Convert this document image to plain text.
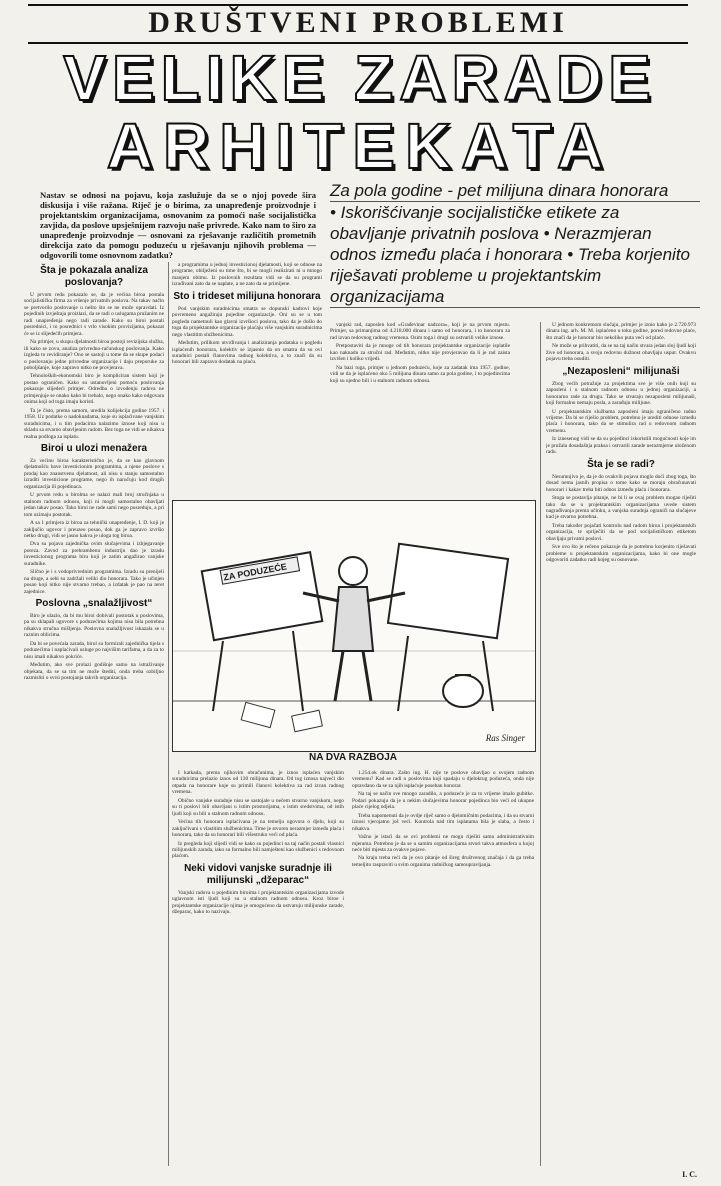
DRUŠTVENI PROBLEMI
VELIKE ZARADE
ARHITEKATA
Nastav se odnosi na pojavu, koja zaslužuje da se o njoj povede šira diskusija i više ražana. Riječ je o birima, za unapređenje proizvodnje i projektantskim organizacijama, osnovanim za pomoći naše socijalistička zavjida, da poslove upsješnijem razvoju naše privrede. Kako nam to širo za unapređenje proizvodnje — osnovani za rješavanje različitih prometnih direkcija zato da pomogu poduzeću u rješavanju njihovih problema — odgovorili tome osnovnom zadatku?
Za pola godine - pet milijuna dinara honorara
• Iskorišćivanje socijalističke etikete za obavljanje privatnih poslova • Nerazmjeran odnos između plaća i honorara • Treba korjenito riješavati probleme u projektantskim organizacijama
Šta je pokazala analiza poslovanja?

U prvom redu pokazalo se, da je većina biroa postala socijalistička firma za vršenje privatnih poslova. Na takav način se pretvorilo poslovanje u nešto što se ne može opravdati. Iz pojedinih izvještaja proizlazi, da se radi o uslugama pružanim ne radi unapređenja nego radi zarade. Kako su biroi postali posrednici, i to posrednici s vrlo visokim provizijama, pokazat će se iz slijedećih primjera.

Na primjer, u skupu djelatnosti biroa postoji revizijska služba, ili kako se zovu, analiza privredno-računskog poslovanja. Kako izgleda to revidiranje? Ono se sastoji u tome da se skupe podaci o poslovanju jedne privredne organizacije i daju preporuke za poboljšanje, koje zapravo nitko ne provjerava.

Tehnoloških-ekonomski biro je kompliciran sistem koji je postao ograničen. Kako su ustanovljeni pomoću poslovanja pokazuje slijedeći primjer. Odredba o izvođenju radova ne primjenjuje se onako kako bi trebalo, nego onako kako odgovara onima koji od toga imaju koristi.

Ta je čisto, prema samom, uredila kolijekcija godine 1957. i 1958. Uz podatke o nadoknadama, koje su isplaćivane vanjskim suradnicima, i u tim podacima nalazimo iznose koji nisu u skladu sa stvarno obavljenim radom. Bez toga ne vidi se nikakva realna podloga za isplatu.

Biroi u ulozi menažera

Za većinu biroa karakteristično je, da se kao glavnom djelatnošću bave investicionim programima, a njene poslove s prodaj kao znanstvenu djelatnost, ali nisu u stanju samostalno izraditi investicione programe, nego ih naručuju kod drugih organizacija ili pojedinaca.

U prvom redu u birolma se nalazi mali broj stručnjaka u stalnom radnom odnosu, koji ni mogli samostalno obavljati jedan takav posao. Tako biroi ne rade sami nego posreduju, a pri tom uzimaju postotak.

A sa 1 primjera iz biroa za tehnički unapređenje, I. D. koji je zaključio ugovor i preuzeo posao, dok ga je zapravo izvršio netko drugi, vidi se jasno kakva je uloga tog biroa.

Dva su pojava zajednička ovim slučajevima i izbjegavanje poreza. Zavod za prehrambenu industriju dao je izradu investicionog programa biru koji je zatim angažirao vanjske suradnike.

Slično je i s vodoprivrednim programima. Izradu su prenijeli na druge, a sebi su zadržali veliki dio honorara. Tako je učinjen posao koji nitko nije stvarno trebao, a izdatak je pao na teret zajednice.

Poslovna „snalažljivost“

Biro je ulazio, da bi mu biroi dobivali postotak u poslovima, pa su sklapali ugovore s poduzećima kojima nisu bila potrebna nikakva stručna mišljenja. Poslovna snalažljivost iskazala se u raznim oblicima.

Da bi se povećala zarada, birol su formirali zajednička tijela s poduzećima i naplaćivali usluge po najvišim tarifama, a da za to nisu imali nikakvo pokriće.

Međutim, ako sve prolazi godišnje samo na istraživanje objekata, da se sa tim ne može štediti, onda treba ozbiljno razmisliti o svrsi postojanja takvih organizacija.

a programima u jednoj investicionoj djelatnosti, koji se odnose na programe, obilježeni su time što, bi se mogli realizirati ni u mnogo manjem obimu. Iz poslovnih rezultata vidi se da su programi izrađivani zato da se naplate, a ne zato da se primijene.

Sto i trideset milijuna honorara

Pod vanjskim suradnicima smatra se dopunski kadrovi koje povremeno angažiraju pojedine organizacije. Oni su se u tom pogledu nametnuli kao glavni izvršioci poslova, tako da je došlo do toga da projektantske organizacije plaćaju više vanjskim suradnicima nego vlastitim službenicima.

Međutim, prilikom utvrđivanja i analiziranja podataka u pogledu isplaćenih honorara, kolektiv se izjasnio da on smatra da su ovi suradnici postali članovima radnog kolektiva, a to znači da su honorari bili zapravo dodatak na plaću.

vanjski rad, zaposlen kod »Građevinar nadzora«, koji je na prvom mjestu. Primjer, sa primanjima od 4.218.000 dinara i samo od honorara, i to honoraru za rad izvan redovnog radnog vremena. Osim toga i drugi su ostvarili velike iznose.

Pretpostaviti da je mnoge od tih honorara projektantske organizacije isplatile kao naknadu za stručni rad. Međutim, nitko nije provjeravao da li je rad zaista izvršen i koliko vrijedi.

Na bazi toga, primjer u jednom poduzeću, koje za zadatak ima 1957. godine, vidi se da je isplaćeno oko 5 milijuna dinara samo za pola godine, i to pojedincima koji su ujedno bili i u stalnom radnom odnosu.

ZA PODUZEĆE
Ras Singer
NA DVA RAZBOJA

I katkada, prema njihovim obračunima, je iznos isplaćen vanjskim suradnicima prelazio iznos od 130 milijuna dinara. Od tog iznosa najveći dio otpada na honorare koje su primili članovi kolektiva za rad izvan radnog vremena.

Obično vanjske suradnje nisu se sastojale u nečem stvarno vanjskom, nego su ti poslovi bili obavljani u istim prostorijama, s istim sredstvima, od istih ljudi koji su bili u stalnom radnom odnosu.

Većina tih honorara isplaćivana je na temelju ugovora o djelu, koji su zaključivani s vlastitim službenicima. Time je stvoren nerazmjer između plaća i honorara, tako da su honorari bili višestruko veći od plaća.

Iz pregleda koji slijedi vidi se kako su pojedinci na taj način postali vlasnici milijunskih zarada, iako su formalno bili namješteni kao službenici s redovnom plaćom.

Neki vidovi vanjske suradnje ili milijunski „džeparac“

Vanjski radova u pojedinim biroima i projektantskim organizacijama izvode uglavnom isti ljudi koji su u stalnom radnom odnosu. Kroz biroe i projektantske organizacije njima je omogućeno da ostvaruju milijunske zarade, džeparac, kako to nazivaju.

1.254.ok dinara. Zašto ing. H. nije te poslove obavljao u svojem radnom vremenu? Kad se radi o poslovima koji spadaju u djelokrug poduzeća, onda nije opravdano da se za njih isplaćuje poseban honorar.

Na taj se način sve mnogo zaradilo, a poduzeće je za to vrijeme imalo gubitke. Podaci pokazuju da je u nekim slučajevima honorar pojedinca bio veći od ukupne plaće cijelog odjela.

Treba napomenuti da je ovdje riječ samo o djelomičnim podacima, i da su stvarni iznosi vjerojatno još veći. Kontrola nad tim isplatama bila je slaba, a često i nikakva.

Važno je istaći da se ovi problemi ne mogu riješiti samo administrativnim mjerama. Potrebno je da se u samim organizacijama stvori takva atmosfera u kojoj neće biti mjesta za ovakve pojave.

Na kraju treba reći da je ovo pitanje od šireg društvenog značaja i da ga treba temeljito raspraviti u svim organima radničkog samoupravljanja.

U jednom konkretnom slučaju, primjer je iznio kako je 2.720.973 dinara ing. arh. M. M. isplaćeno u toku godine, pored redovne plaće, što znači da je honorar bio nekoliko puta veći od plaće.

Ne može se prihvatiti, da se na taj način stvara jedan sloj ljudi koji žive od honorara, a svoju redovnu dužnost obavljaju usput. Ovakvu pojavu treba osuditi.

„Nezaposleni“ milijunaši

Zbog većih potražnje za projektima sve je više onih koji su zaposleni i u stalnom radnom odnosu u jednoj organizaciji, a honorarno rade za drugu. Tako se stvaraju nezaposleni milijunaši, koji formalno nemaju posla, a zarađuju milijune.

U projektantskim službama zaposleni imaju ograničeno radno vrijeme. Da bi se riješio problem, potrebno je urediti odnose između plaća i honorara, tako da se stimulira rad u redovnom radnom vremenu.

Iz iznesenog vidi se da su pojedinci iskoristili mogućnosti koje im je pružala dosadašnja praksa i ostvarili zarade nerazmjerne uloženom radu.

Šta je se radi?

Nesumnjivo je, da je do ovakvih pojava moglo doći zbog toga, što dosad nema jasnih propisa o tome kako se moraju obračunavati honorari i kakav treba biti odnos između plaća i honorara.

Stoga se postavlja pitanje, ne bi li se ovaj problem mogao riješiti tako da se u projektantskim organizacijama uvede sistem nagrađivanja prema učinku, a vanjska suradnja ograniči na slučajeve kad je stvarno potrebna.

Treba također pojačati kontrolu nad radom biroa i projektantskih organizacija, te spriječiti da se pod socijalističkom etiketom obavljaju privatni poslovi.

Sve ovo što je rečeno pokazuje da je potrebno korjenito riješavati probleme u projektantskim organizacijama, kako bi one mogle odgovoriti zadatku radi kojeg su osnovane.

I. C.
